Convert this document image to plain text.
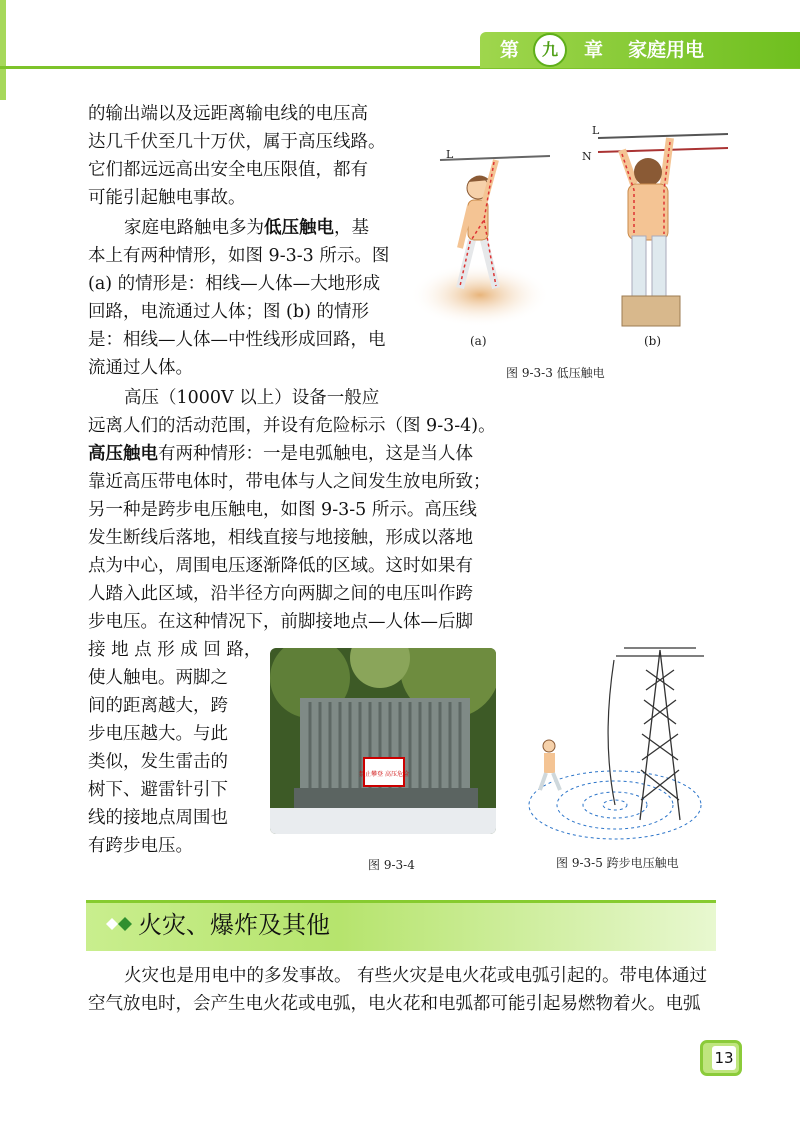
第	九	章 家庭用电
的输出端以及远距离输电线的电压高
达几千伏至几十万伏，属于高压线路。
它们都远远高出安全电压限值，都有
可能引起触电事故。
家庭电路触电多为低压触电，基
本上有两种情形，如图 9-3-3 所示。图
(a) 的情形是：相线—人体—大地形成
回路，电流通过人体；图 (b) 的情形
是：相线—人体—中性线形成回路，电
流通过人体。
高压（1000V 以上）设备一般应
远离人们的活动范围，并设有危险标示（图 9-3-4)。
高压触电有两种情形：一是电弧触电，这是当人体
靠近高压带电体时，带电体与人之间发生放电所致；
另一种是跨步电压触电，如图 9-3-5 所示。高压线
发生断线后落地，相线直接与地接触，形成以落地
点为中心，周围电压逐渐降低的区域。这时如果有
人踏入此区域，沿半径方向两脚之间的电压叫作跨
步电压。在这种情况下，前脚接地点—人体—后脚
接 地 点 形 成 回 路，
使人触电。两脚之
间的距离越大，跨
步电压越大。与此
类似，发生雷击的
树下、避雷针引下
线的接地点周围也
有跨步电压。
L
L
N
(a)	(b)
图 9-3-3 低压触电
禁止攀登 高压危险
图 9-3-4	图 9-3-5 跨步电压触电
火灾、爆炸及其他
火灾也是用电中的多发事故。 有些火灾是电火花或电弧引起的。带电体通过
空气放电时，会产生电火花或电弧，电火花和电弧都可能引起易燃物着火。电弧
13
